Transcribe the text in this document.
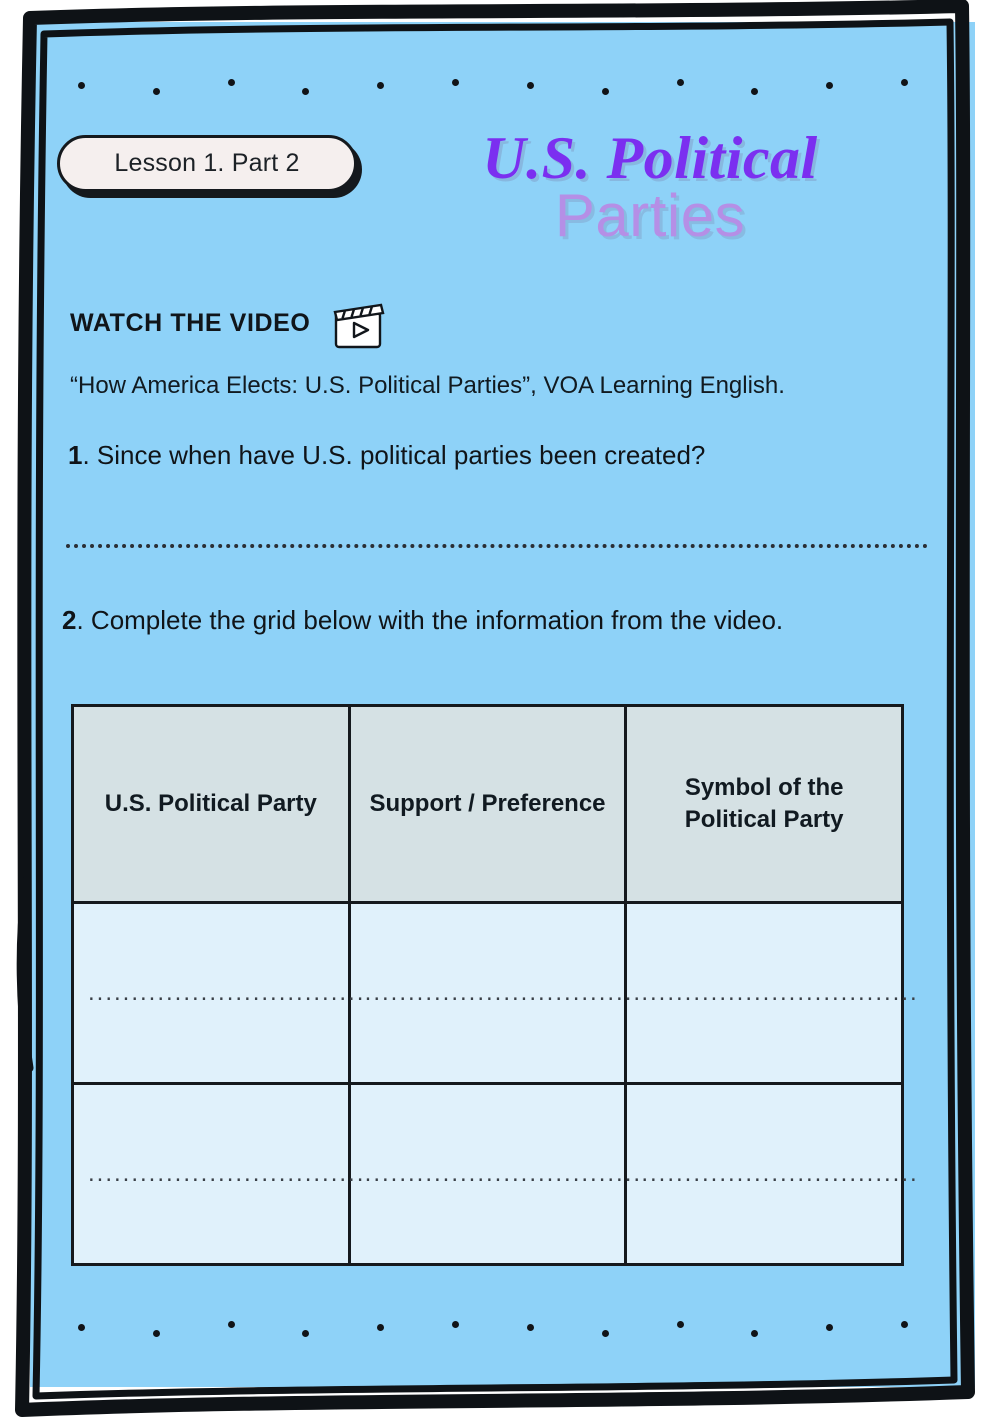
Lesson 1. Part 2	U.S. Political
Parties
WATCH THE VIDEO
“How America Elects: U.S. Political Parties”, VOA Learning English.
1. Since when have U.S. political parties been created?
2. Complete the grid below with the information from the video.
U.S. Political Party	Support / Preference	Symbol of the Political Party
................................	................................	................................
................................	................................	................................
